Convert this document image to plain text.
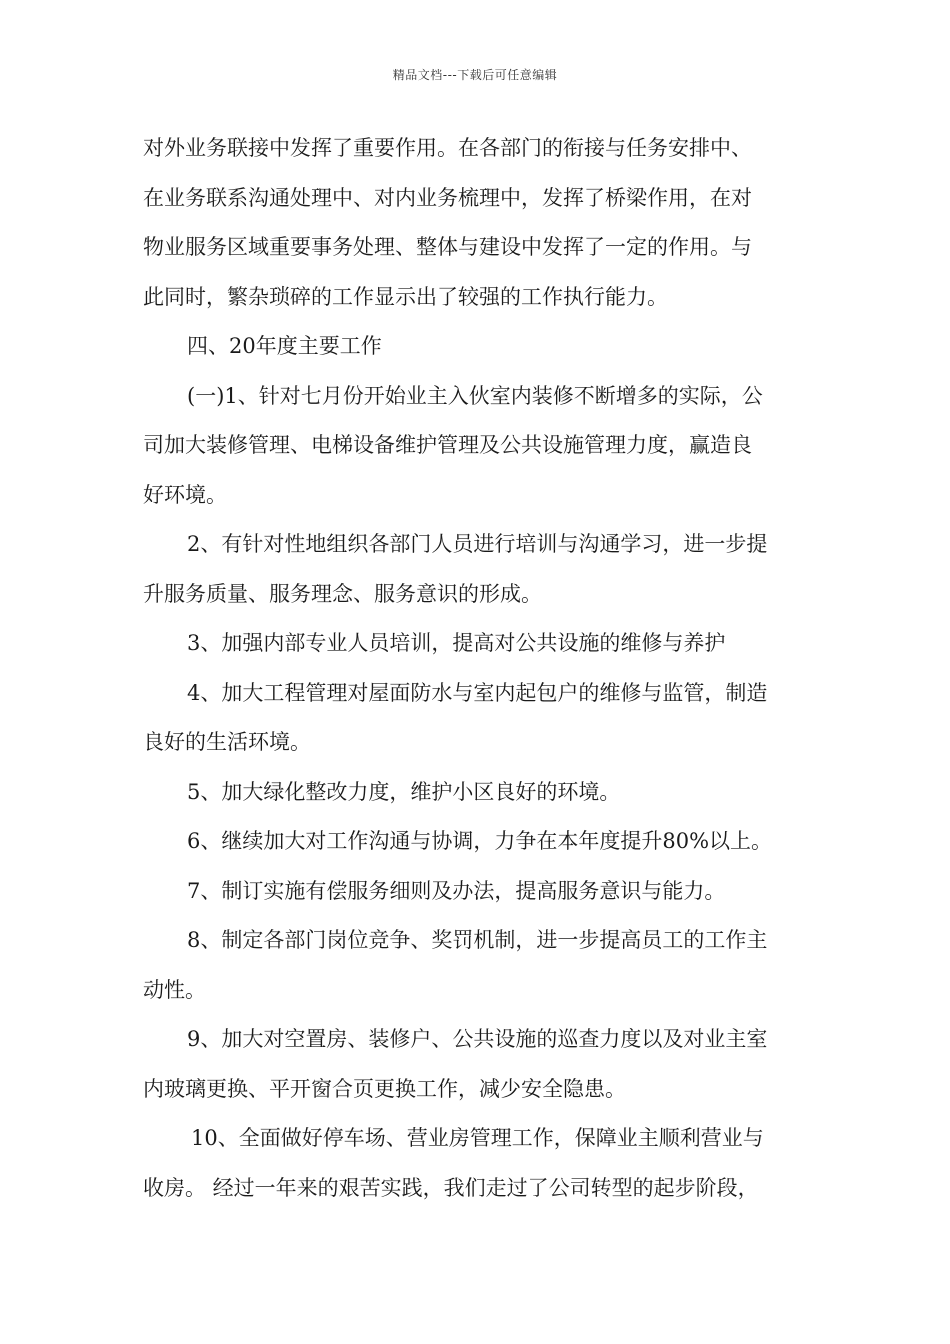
精品文档---下载后可任意编辑
对外业务联接中发挥了重要作用。在各部门的衔接与任务安排中、
在业务联系沟通处理中、对内业务梳理中，发挥了桥梁作用，在对
物业服务区域重要事务处理、整体与建设中发挥了一定的作用。与
此同时，繁杂琐碎的工作显示出了较强的工作执行能力。
四、20年度主要工作
(一)1、针对七月份开始业主入伙室内装修不断增多的实际，公
司加大装修管理、电梯设备维护管理及公共设施管理力度，赢造良
好环境。
2、有针对性地组织各部门人员进行培训与沟通学习，进一步提
升服务质量、服务理念、服务意识的形成。
3、加强内部专业人员培训，提高对公共设施的维修与养护
4、加大工程管理对屋面防水与室内起包户的维修与监管，制造
良好的生活环境。
5、加大绿化整改力度，维护小区良好的环境。
6、继续加大对工作沟通与协调，力争在本年度提升80%以上。
7、制订实施有偿服务细则及办法，提高服务意识与能力。
8、制定各部门岗位竞争、奖罚机制，进一步提高员工的工作主
动性。
9、加大对空置房、装修户、公共设施的巡查力度以及对业主室
内玻璃更换、平开窗合页更换工作，减少安全隐患。
10、全面做好停车场、营业房管理工作，保障业主顺利营业与
收房。 经过一年来的艰苦实践，我们走过了公司转型的起步阶段，
